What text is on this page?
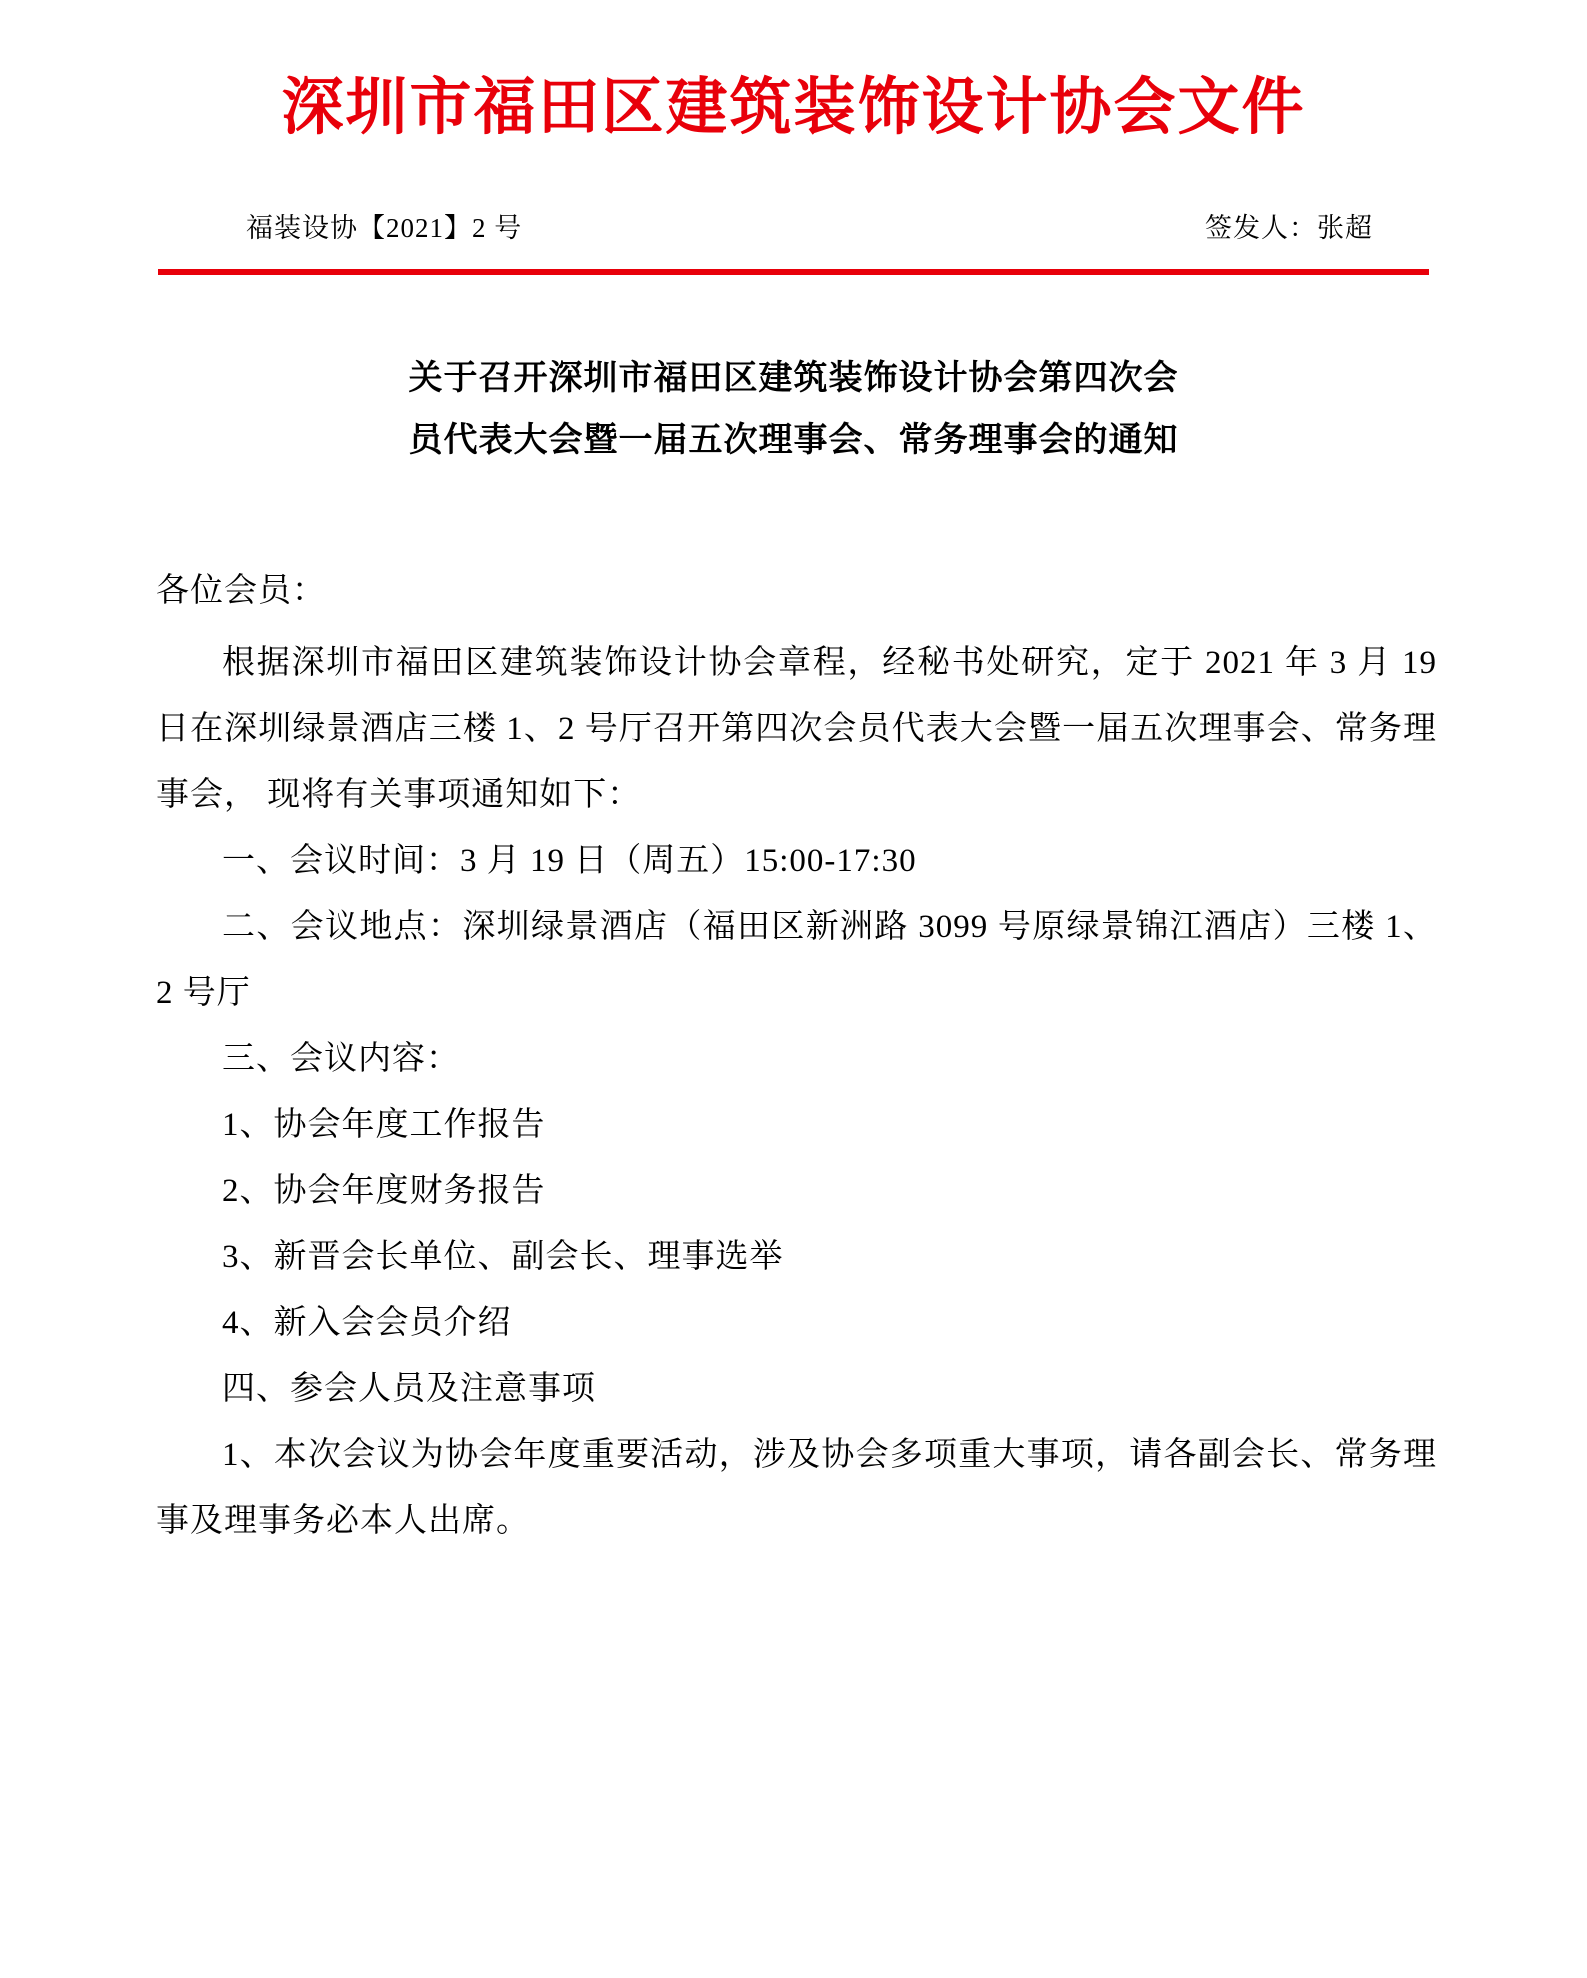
深圳市福田区建筑装饰设计协会文件
福装设协【2021】2 号	签发人：张超
关于召开深圳市福田区建筑装饰设计协会第四次会
员代表大会暨一届五次理事会、常务理事会的通知

各位会员：

根据深圳市福田区建筑装饰设计协会章程，经秘书处研究，定于 2021 年 3 月 19 日在深圳绿景酒店三楼 1、2 号厅召开第四次会员代表大会暨一届五次理事会、常务理事会， 现将有关事项通知如下：

一、会议时间：3 月 19 日（周五）15:00-17:30

二、会议地点：深圳绿景酒店（福田区新洲路 3099 号原绿景锦江酒店）三楼 1、2 号厅

三、会议内容：

1、协会年度工作报告

2、协会年度财务报告

3、新晋会长单位、副会长、理事选举

4、新入会会员介绍

四、参会人员及注意事项

1、本次会议为协会年度重要活动，涉及协会多项重大事项，请各副会长、常务理事及理事务必本人出席。
